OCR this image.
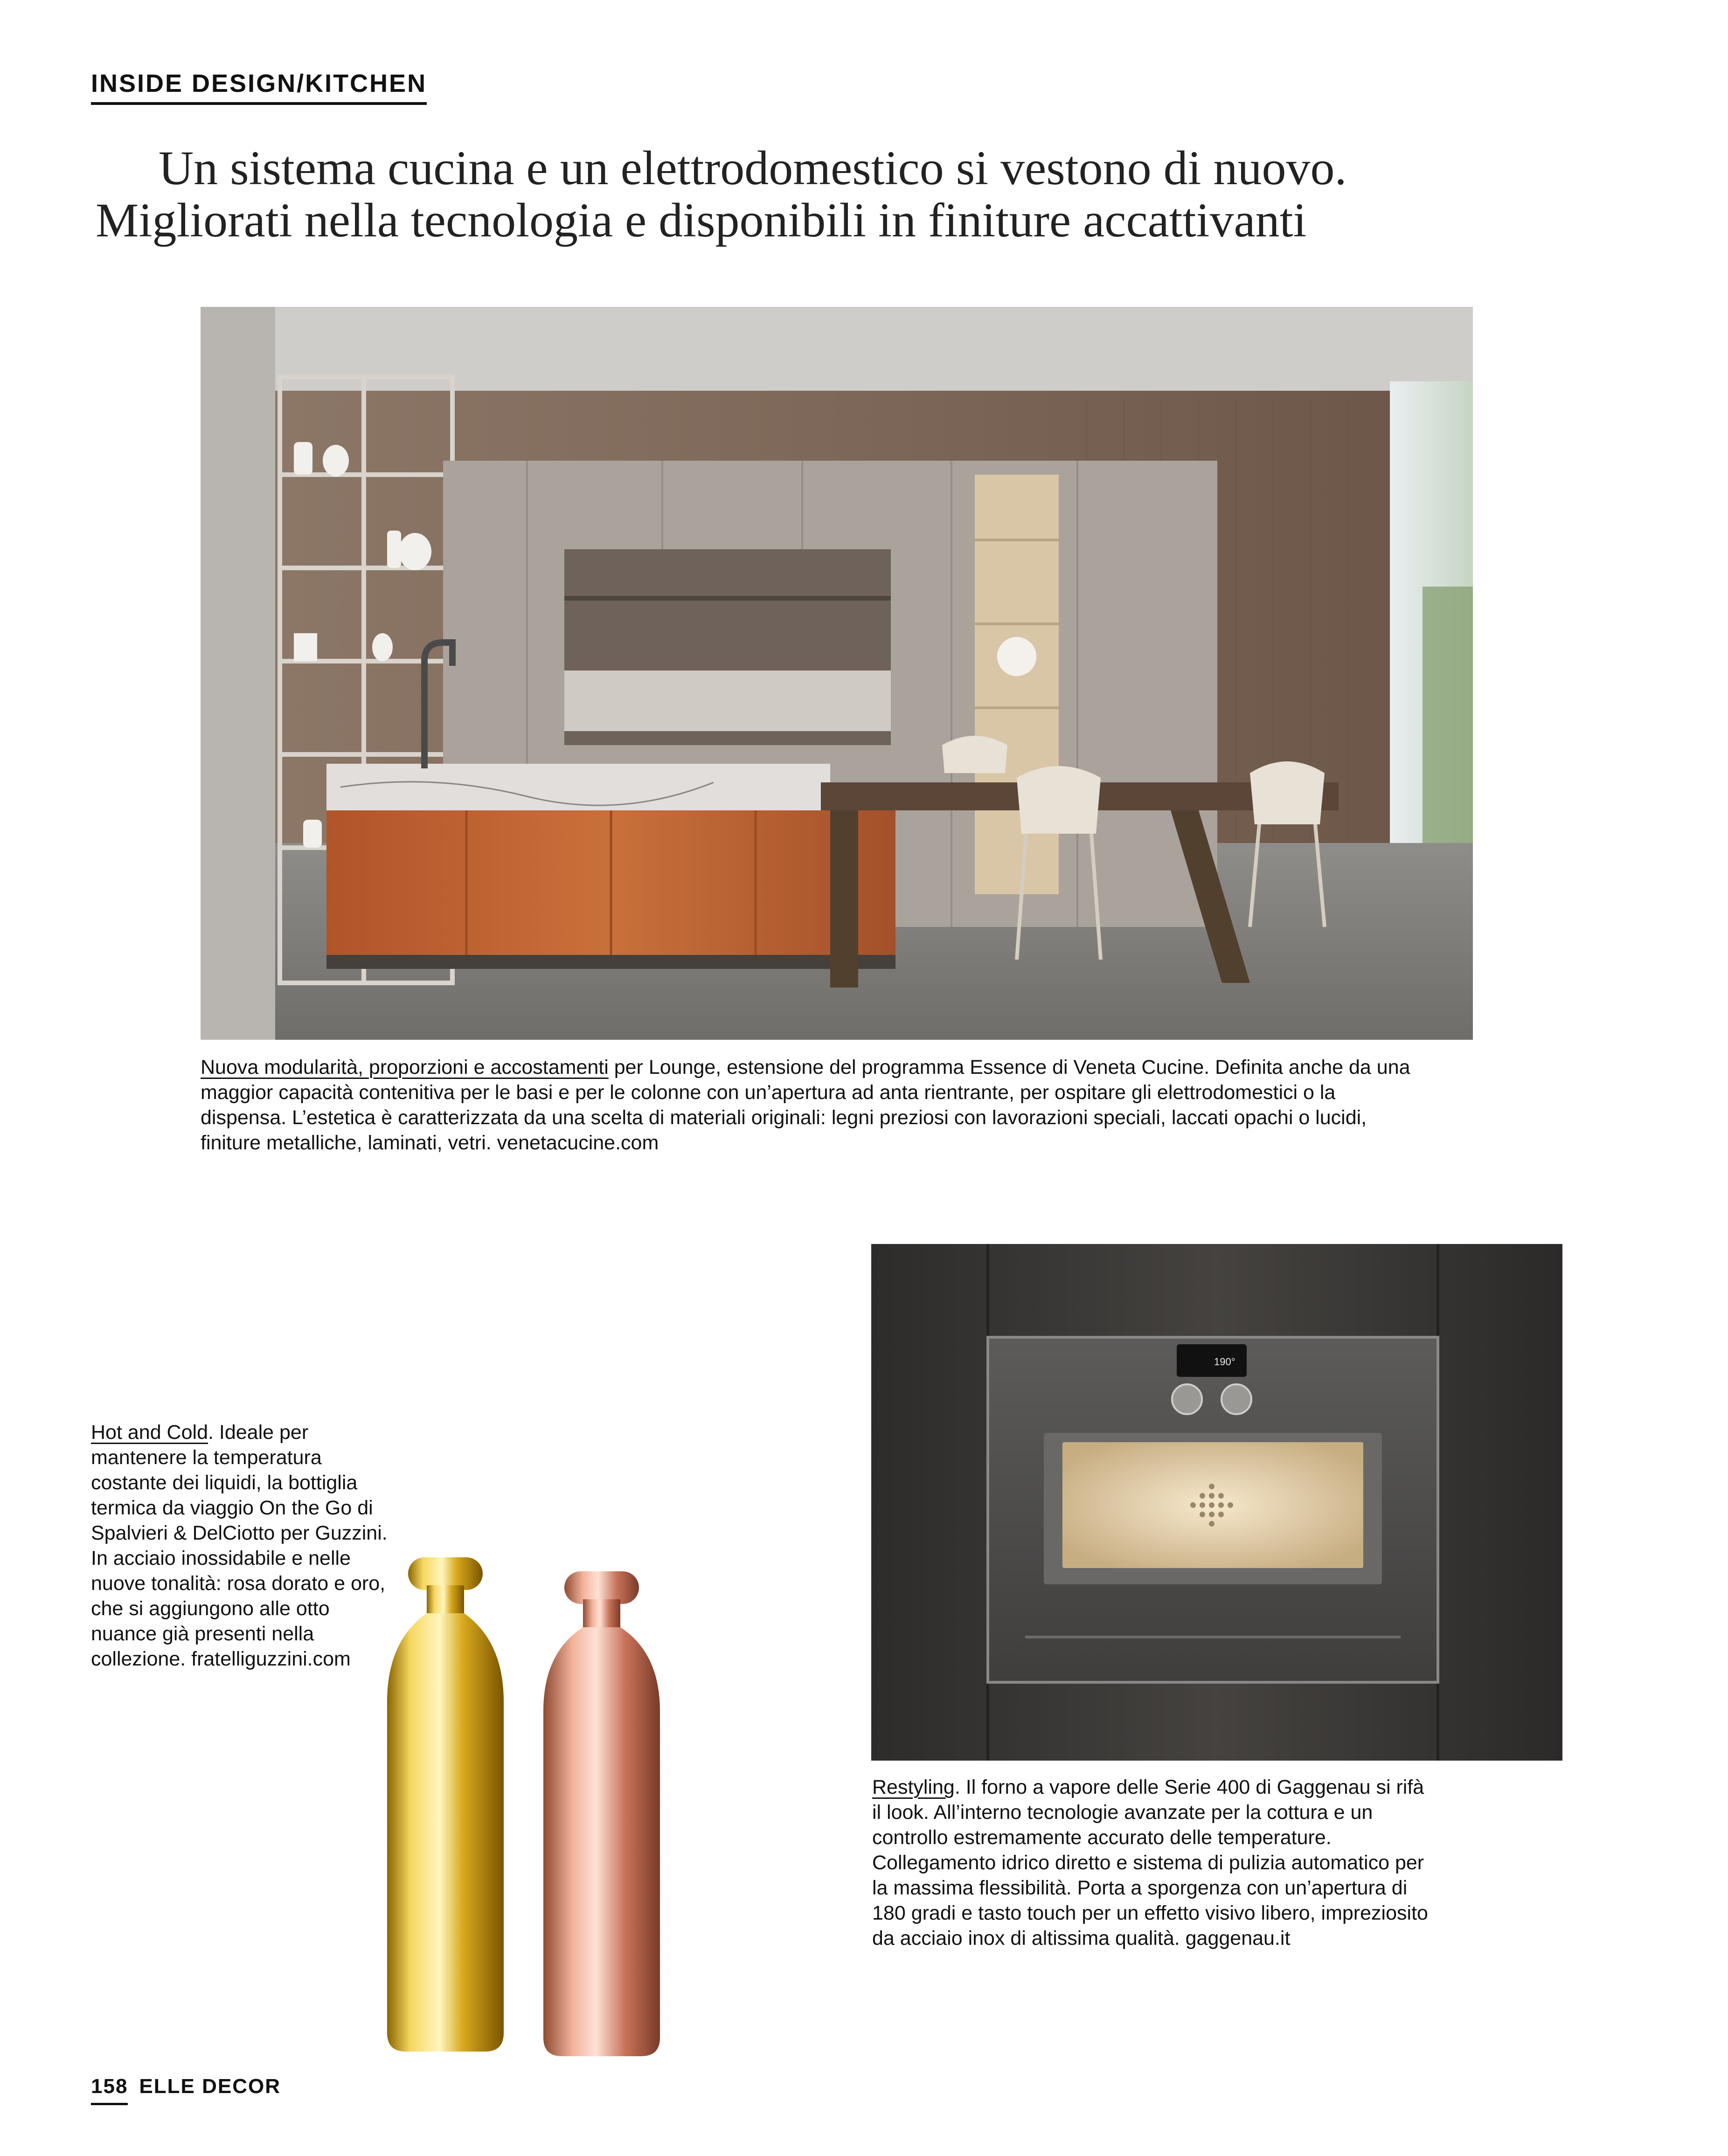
INSIDE DESIGN/KITCHEN
Un sistema cucina e un elettrodomestico si vestono di nuovo.
Migliorati nella tecnologia e disponibili in finiture accattivanti
Nuova modularità, proporzioni e accostamenti per Lounge, estensione del programma Essence di Veneta Cucine. Definita anche da una maggior capacità contenitiva per le basi e per le colonne con un’apertura ad anta rientrante, per ospitare gli elettrodomestici o la dispensa. L’estetica è caratterizzata da una scelta di materiali originali: legni preziosi con lavorazioni speciali, laccati opachi o lucidi, finiture metalliche, laminati, vetri. venetacucine.com
190°
Hot and Cold. Ideale per mantenere la temperatura costante dei liquidi, la bottiglia termica da viaggio On the Go di Spalvieri & DelCiotto per Guzzini. In acciaio inossidabile e nelle nuove tonalità: rosa dorato e oro, che si aggiungono alle otto nuance già presenti nella collezione. fratelliguzzini.com
Restyling. Il forno a vapore delle Serie 400 di Gaggenau si rifà il look. All’interno tecnologie avanzate per la cottura e un controllo estremamente accurato delle temperature. Collegamento idrico diretto e sistema di pulizia automatico per la massima flessibilità. Porta a sporgenza con un’apertura di 180 gradi e tasto touch per un effetto visivo libero, impreziosito da acciaio inox di altissima qualità. gaggenau.it
158 ELLE DECOR
